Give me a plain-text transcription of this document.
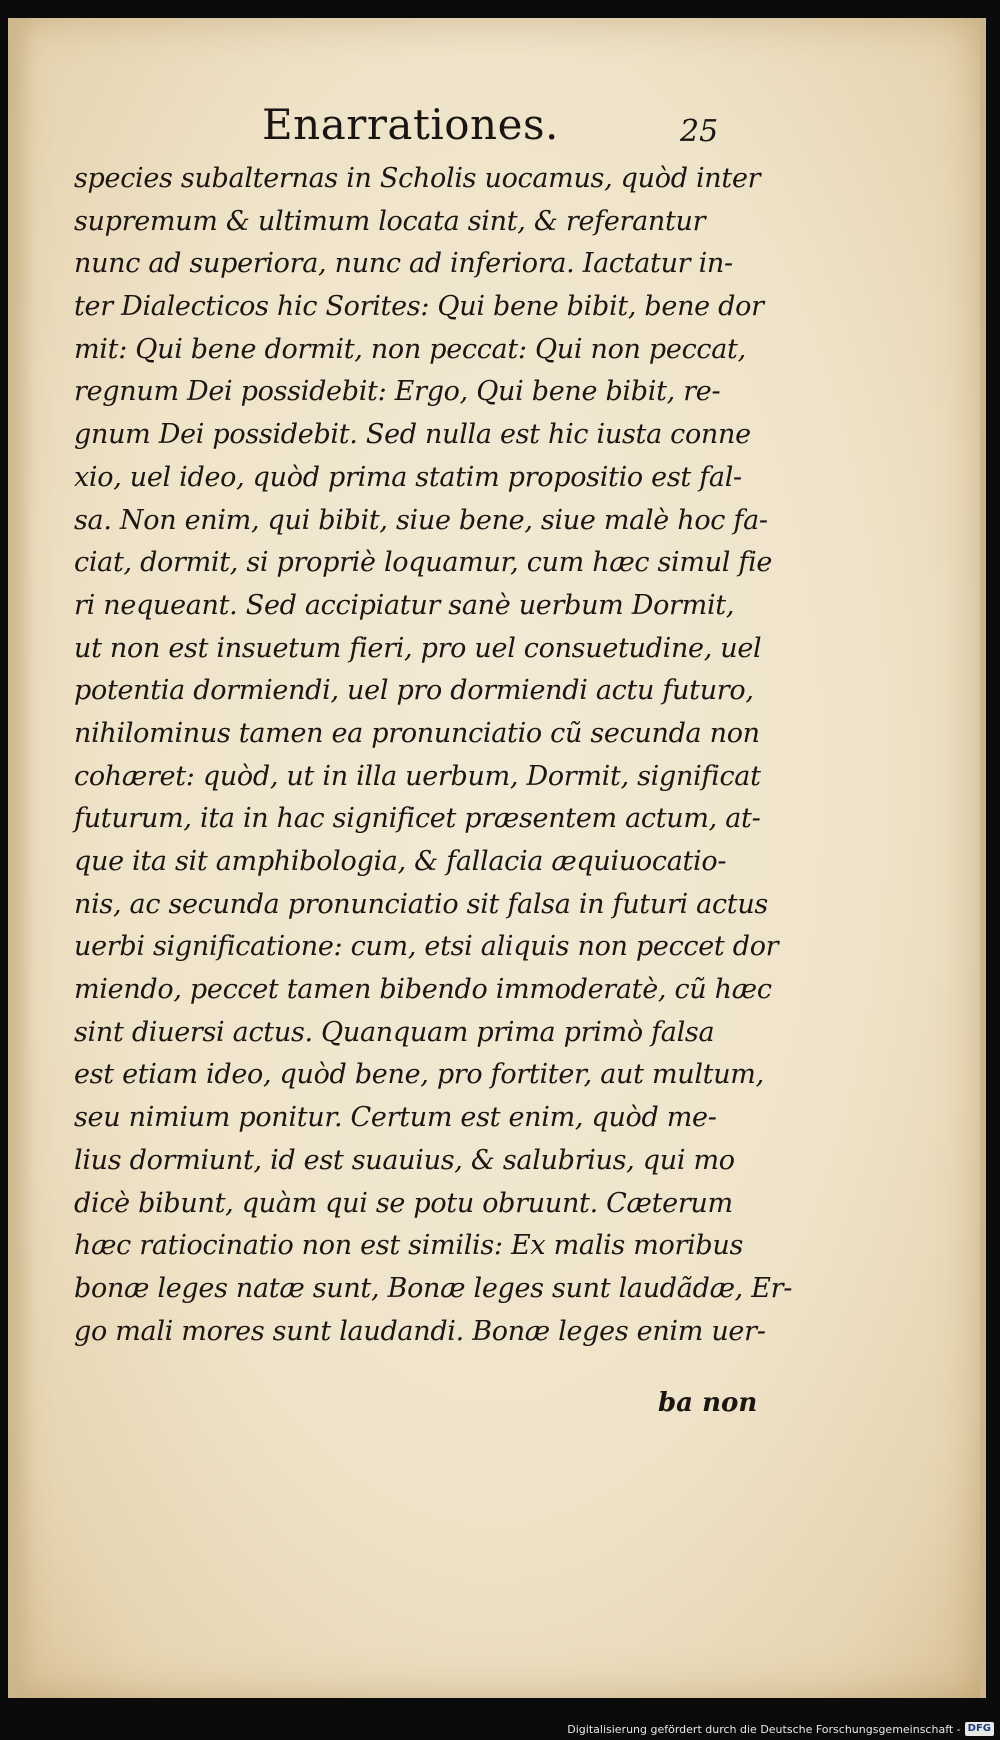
Enarrationes.	25
species subalternas in Scholis uocamus, quòd inter
supremum & ultimum locata sint, & referantur
nunc ad superiora, nunc ad inferiora. Iactatur in-
ter Dialecticos hic Sorites: Qui bene bibit, bene dor
mit: Qui bene dormit, non peccat: Qui non peccat,
regnum Dei possidebit: Ergo, Qui bene bibit, re-
gnum Dei possidebit. Sed nulla est hic iusta conne
xio, uel ideo, quòd prima statim propositio est fal-
sa. Non enim, qui bibit, siue bene, siue malè hoc fa-
ciat, dormit, si propriè loquamur, cum hæc simul fie
ri nequeant. Sed accipiatur sanè uerbum Dormit,
ut non est insuetum fieri, pro uel consuetudine, uel
potentia dormiendi, uel pro dormiendi actu futuro,
nihilominus tamen ea pronunciatio cũ secunda non
cohæret: quòd, ut in illa uerbum, Dormit, significat
futurum, ita in hac significet præsentem actum, at-
que ita sit amphibologia, & fallacia æquiuocatio-
nis, ac secunda pronunciatio sit falsa in futuri actus
uerbi significatione: cum, etsi aliquis non peccet dor
miendo, peccet tamen bibendo immoderatè, cũ hæc
sint diuersi actus. Quanquam prima primò falsa
est etiam ideo, quòd bene, pro fortiter, aut multum,
seu nimium ponitur. Certum est enim, quòd me-
lius dormiunt, id est suauius, & salubrius, qui mo
dicè bibunt, quàm qui se potu obruunt. Cæterum
hæc ratiocinatio non est similis: Ex malis moribus
bonæ leges natæ sunt, Bonæ leges sunt laudãdæ, Er-
go mali mores sunt laudandi. Bonæ leges enim uer-
ba non
Digitalisierung gefördert durch die Deutsche Forschungsgemeinschaft - DFG
